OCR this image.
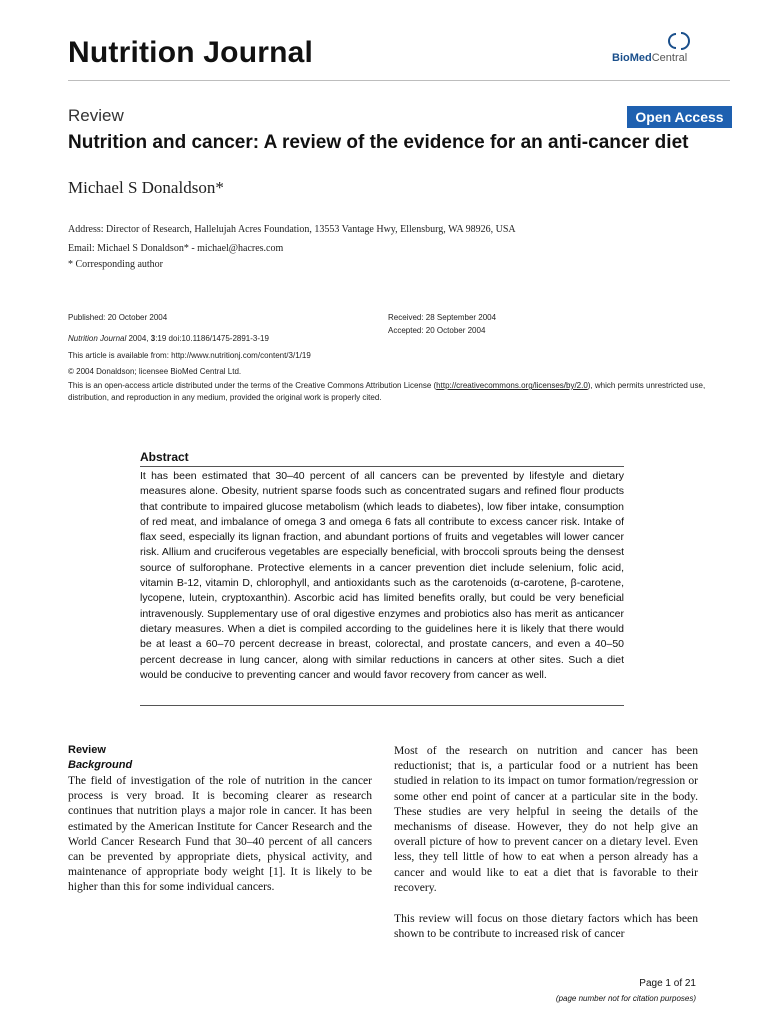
Nutrition Journal	BioMedCentral
Review	Open Access
Nutrition and cancer: A review of the evidence for an anti-cancer diet
Michael S Donaldson*
Address: Director of Research, Hallelujah Acres Foundation, 13553 Vantage Hwy, Ellensburg, WA 98926, USA
Email: Michael S Donaldson* - michael@hacres.com
* Corresponding author
Published: 20 October 2004	Received: 28 September 2004
Accepted: 20 October 2004
Nutrition Journal 2004, 3:19 doi:10.1186/1475-2891-3-19
This article is available from: http://www.nutritionj.com/content/3/1/19
© 2004 Donaldson; licensee BioMed Central Ltd.
This is an open-access article distributed under the terms of the Creative Commons Attribution License (http://creativecommons.org/licenses/by/2.0), which permits unrestricted use, distribution, and reproduction in any medium, provided the original work is properly cited.
Abstract
It has been estimated that 30–40 percent of all cancers can be prevented by lifestyle and dietary measures alone. Obesity, nutrient sparse foods such as concentrated sugars and refined flour products that contribute to impaired glucose metabolism (which leads to diabetes), low fiber intake, consumption of red meat, and imbalance of omega 3 and omega 6 fats all contribute to excess cancer risk. Intake of flax seed, especially its lignan fraction, and abundant portions of fruits and vegetables will lower cancer risk. Allium and cruciferous vegetables are especially beneficial, with broccoli sprouts being the densest source of sulforophane. Protective elements in a cancer prevention diet include selenium, folic acid, vitamin B-12, vitamin D, chlorophyll, and antioxidants such as the carotenoids (α-carotene, β-carotene, lycopene, lutein, cryptoxanthin). Ascorbic acid has limited benefits orally, but could be very beneficial intravenously. Supplementary use of oral digestive enzymes and probiotics also has merit as anticancer dietary measures. When a diet is compiled according to the guidelines here it is likely that there would be at least a 60–70 percent decrease in breast, colorectal, and prostate cancers, and even a 40–50 percent decrease in lung cancer, along with similar reductions in cancers at other sites. Such a diet would be conducive to preventing cancer and would favor recovery from cancer as well.
Review
Background
The field of investigation of the role of nutrition in the cancer process is very broad. It is becoming clearer as research continues that nutrition plays a major role in cancer. It has been estimated by the American Institute for Cancer Research and the World Cancer Research Fund that 30–40 percent of all cancers can be prevented by appropriate diets, physical activity, and maintenance of appropriate body weight [1]. It is likely to be higher than this for some individual cancers.
Most of the research on nutrition and cancer has been reductionist; that is, a particular food or a nutrient has been studied in relation to its impact on tumor formation/regression or some other end point of cancer at a particular site in the body. These studies are very helpful in seeing the details of the mechanisms of disease. However, they do not help give an overall picture of how to prevent cancer on a dietary level. Even less, they tell little of how to eat when a person already has a cancer and would like to eat a diet that is favorable to their recovery.
This review will focus on those dietary factors which has been shown to be contribute to increased risk of cancer
Page 1 of 21
(page number not for citation purposes)
